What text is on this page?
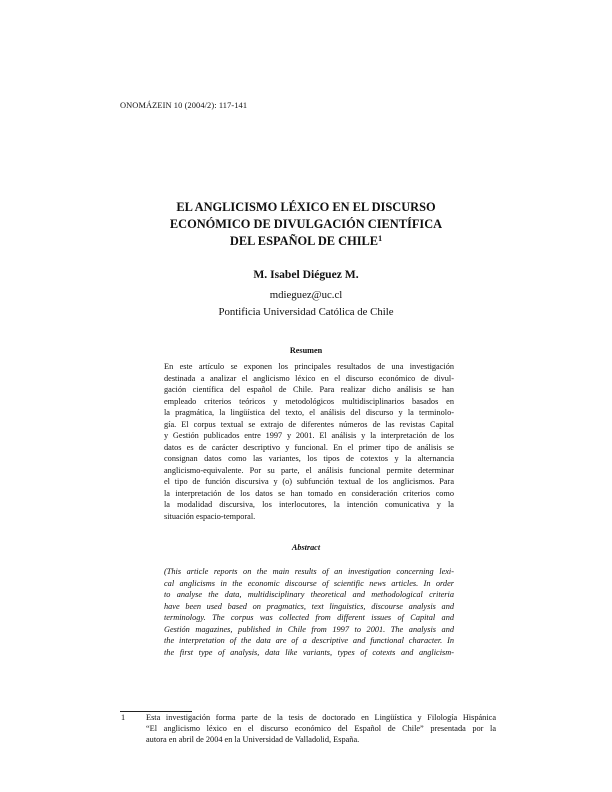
ONOMÁZEIN 10 (2004/2): 117-141
EL ANGLICISMO LÉXICO EN EL DISCURSO
ECONÓMICO DE DIVULGACIÓN CIENTÍFICA
DEL ESPAÑOL DE CHILE$^1$
M. Isabel Diéguez M.
mdieguez@uc.cl
Pontificia Universidad Católica de Chile
Resumen
En este artículo se exponen los principales resultados de una investigación
destinada a analizar el anglicismo léxico en el discurso económico de divul-
gación científica del español de Chile. Para realizar dicho análisis se han
empleado criterios teóricos y metodológicos multidisciplinarios basados en
la pragmática, la lingüística del texto, el análisis del discurso y la terminolo-
gía. El corpus textual se extrajo de diferentes números de las revistas Capital
y Gestión publicados entre 1997 y 2001. El análisis y la interpretación de los
datos es de carácter descriptivo y funcional. En el primer tipo de análisis se
consignan datos como las variantes, los tipos de cotextos y la alternancia
anglicismo-equivalente. Por su parte, el análisis funcional permite determinar
el tipo de función discursiva y (o) subfunción textual de los anglicismos. Para
la interpretación de los datos se han tomado en consideración criterios como
la modalidad discursiva, los interlocutores, la intención comunicativa y la
situación espacio-temporal.
Abstract
(This article reports on the main results of an investigation concerning lexi-
cal anglicisms in the economic discourse of scientific news articles. In order
to analyse the data, multidisciplinary theoretical and methodological criteria
have been used based on pragmatics, text linguistics, discourse analysis and
terminology. The corpus was collected from different issues of Capital and
Gestión magazines, published in Chile from 1997 to 2001. The analysis and
the interpretation of the data are of a descriptive and functional character. In
the first type of analysis, data like variants, types of cotexts and anglicism-
1	Esta investigación forma parte de la tesis de doctorado en Lingüística y Filología Hispánica
“El anglicismo léxico en el discurso económico del Español de Chile” presentada por la
autora en abril de 2004 en la Universidad de Valladolid, España.
